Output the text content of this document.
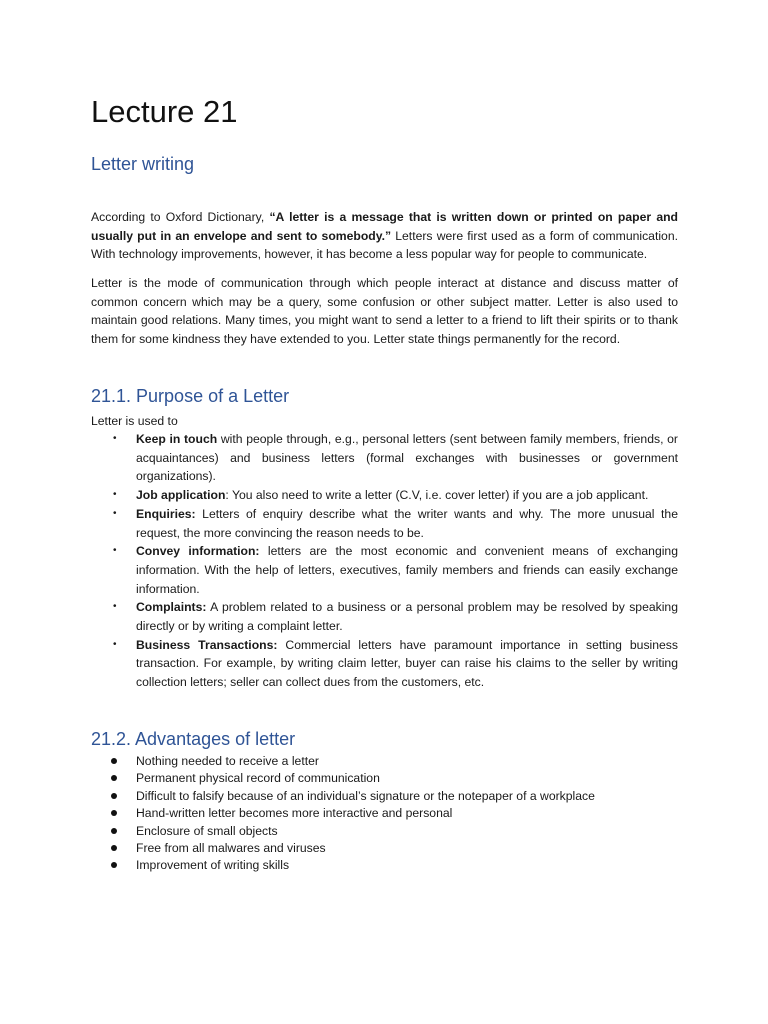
Lecture 21
Letter writing

According to Oxford Dictionary, “A letter is a message that is written down or printed on paper and usually put in an envelope and sent to somebody.” Letters were first used as a form of communication. With technology improvements, however, it has become a less popular way for people to communicate.

Letter is the mode of communication through which people interact at distance and discuss matter of common concern which may be a query, some confusion or other subject matter. Letter is also used to maintain good relations. Many times, you might want to send a letter to a friend to lift their spirits or to thank them for some kindness they have extended to you. Letter state things permanently for the record.

21.1. Purpose of a Letter

Letter is used to

• Keep in touch with people through, e.g., personal letters (sent between family members, friends, or acquaintances) and business letters (formal exchanges with businesses or government organizations).
• Job application: You also need to write a letter (C.V, i.e. cover letter) if you are a job applicant.
• Enquiries: Letters of enquiry describe what the writer wants and why. The more unusual the request, the more convincing the reason needs to be.
• Convey information: letters are the most economic and convenient means of exchanging information. With the help of letters, executives, family members and friends can easily exchange information.
• Complaints: A problem related to a business or a personal problem may be resolved by speaking directly or by writing a complaint letter.
• Business Transactions: Commercial letters have paramount importance in setting business transaction. For example, by writing claim letter, buyer can raise his claims to the seller by writing collection letters; seller can collect dues from the customers, etc.
21.2. Advantages of letter
Nothing needed to receive a letter
Permanent physical record of communication
Difficult to falsify because of an individual’s signature or the notepaper of a workplace
Hand-written letter becomes more interactive and personal
Enclosure of small objects
Free from all malwares and viruses
Improvement of writing skills
